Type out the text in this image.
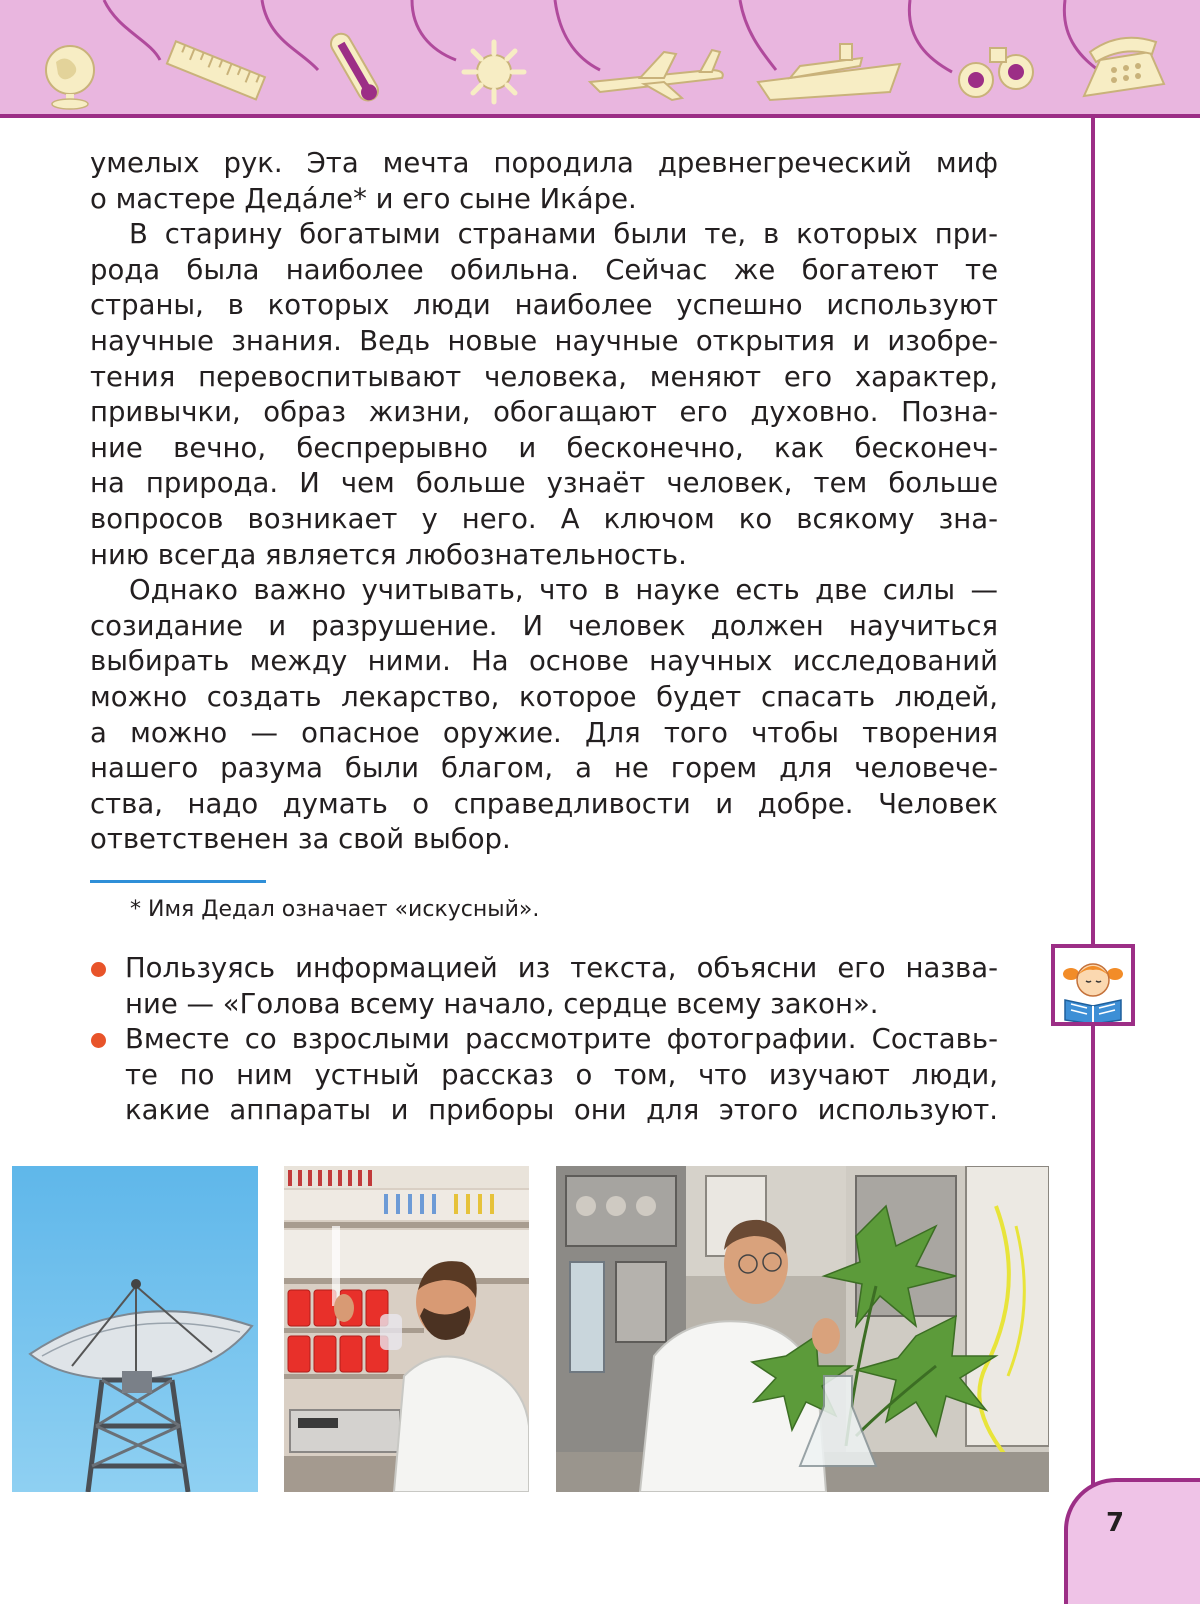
умелых рук. Эта мечта породила древнегреческий миф
о мастере Деда́ле* и его сыне Ика́ре.
В старину богатыми странами были те, в которых при-
рода была наиболее обильна. Сейчас же богатеют те
страны, в которых люди наиболее успешно используют
научные знания. Ведь новые научные открытия и изобре-
тения перевоспитывают человека, меняют его характер,
привычки, образ жизни, обогащают его духовно. Позна-
ние вечно, беспрерывно и бесконечно, как бесконеч-
на природа. И чем больше узнаёт человек, тем больше
вопросов возникает у него. А ключом ко всякому зна-
нию всегда является любознательность.
Однако важно учитывать, что в науке есть две силы —
созидание и разрушение. И человек должен научиться
выбирать между ними. На основе научных исследований
можно создать лекарство, которое будет спасать людей,
а можно — опасное оружие. Для того чтобы творения
нашего разума были благом, а не горем для человече-
ства, надо думать о справедливости и добре. Человек
ответственен за свой выбор.
* Имя Дедал означает «искусный».
Пользуясь информацией из текста, объясни его назва-
ние — «Голова всему начало, сердце всему закон».
Вместе со взрослыми рассмотрите фотографии. Составь-
те по ним устный рассказ о том, что изучают люди,
какие аппараты и приборы они для этого используют.
7
